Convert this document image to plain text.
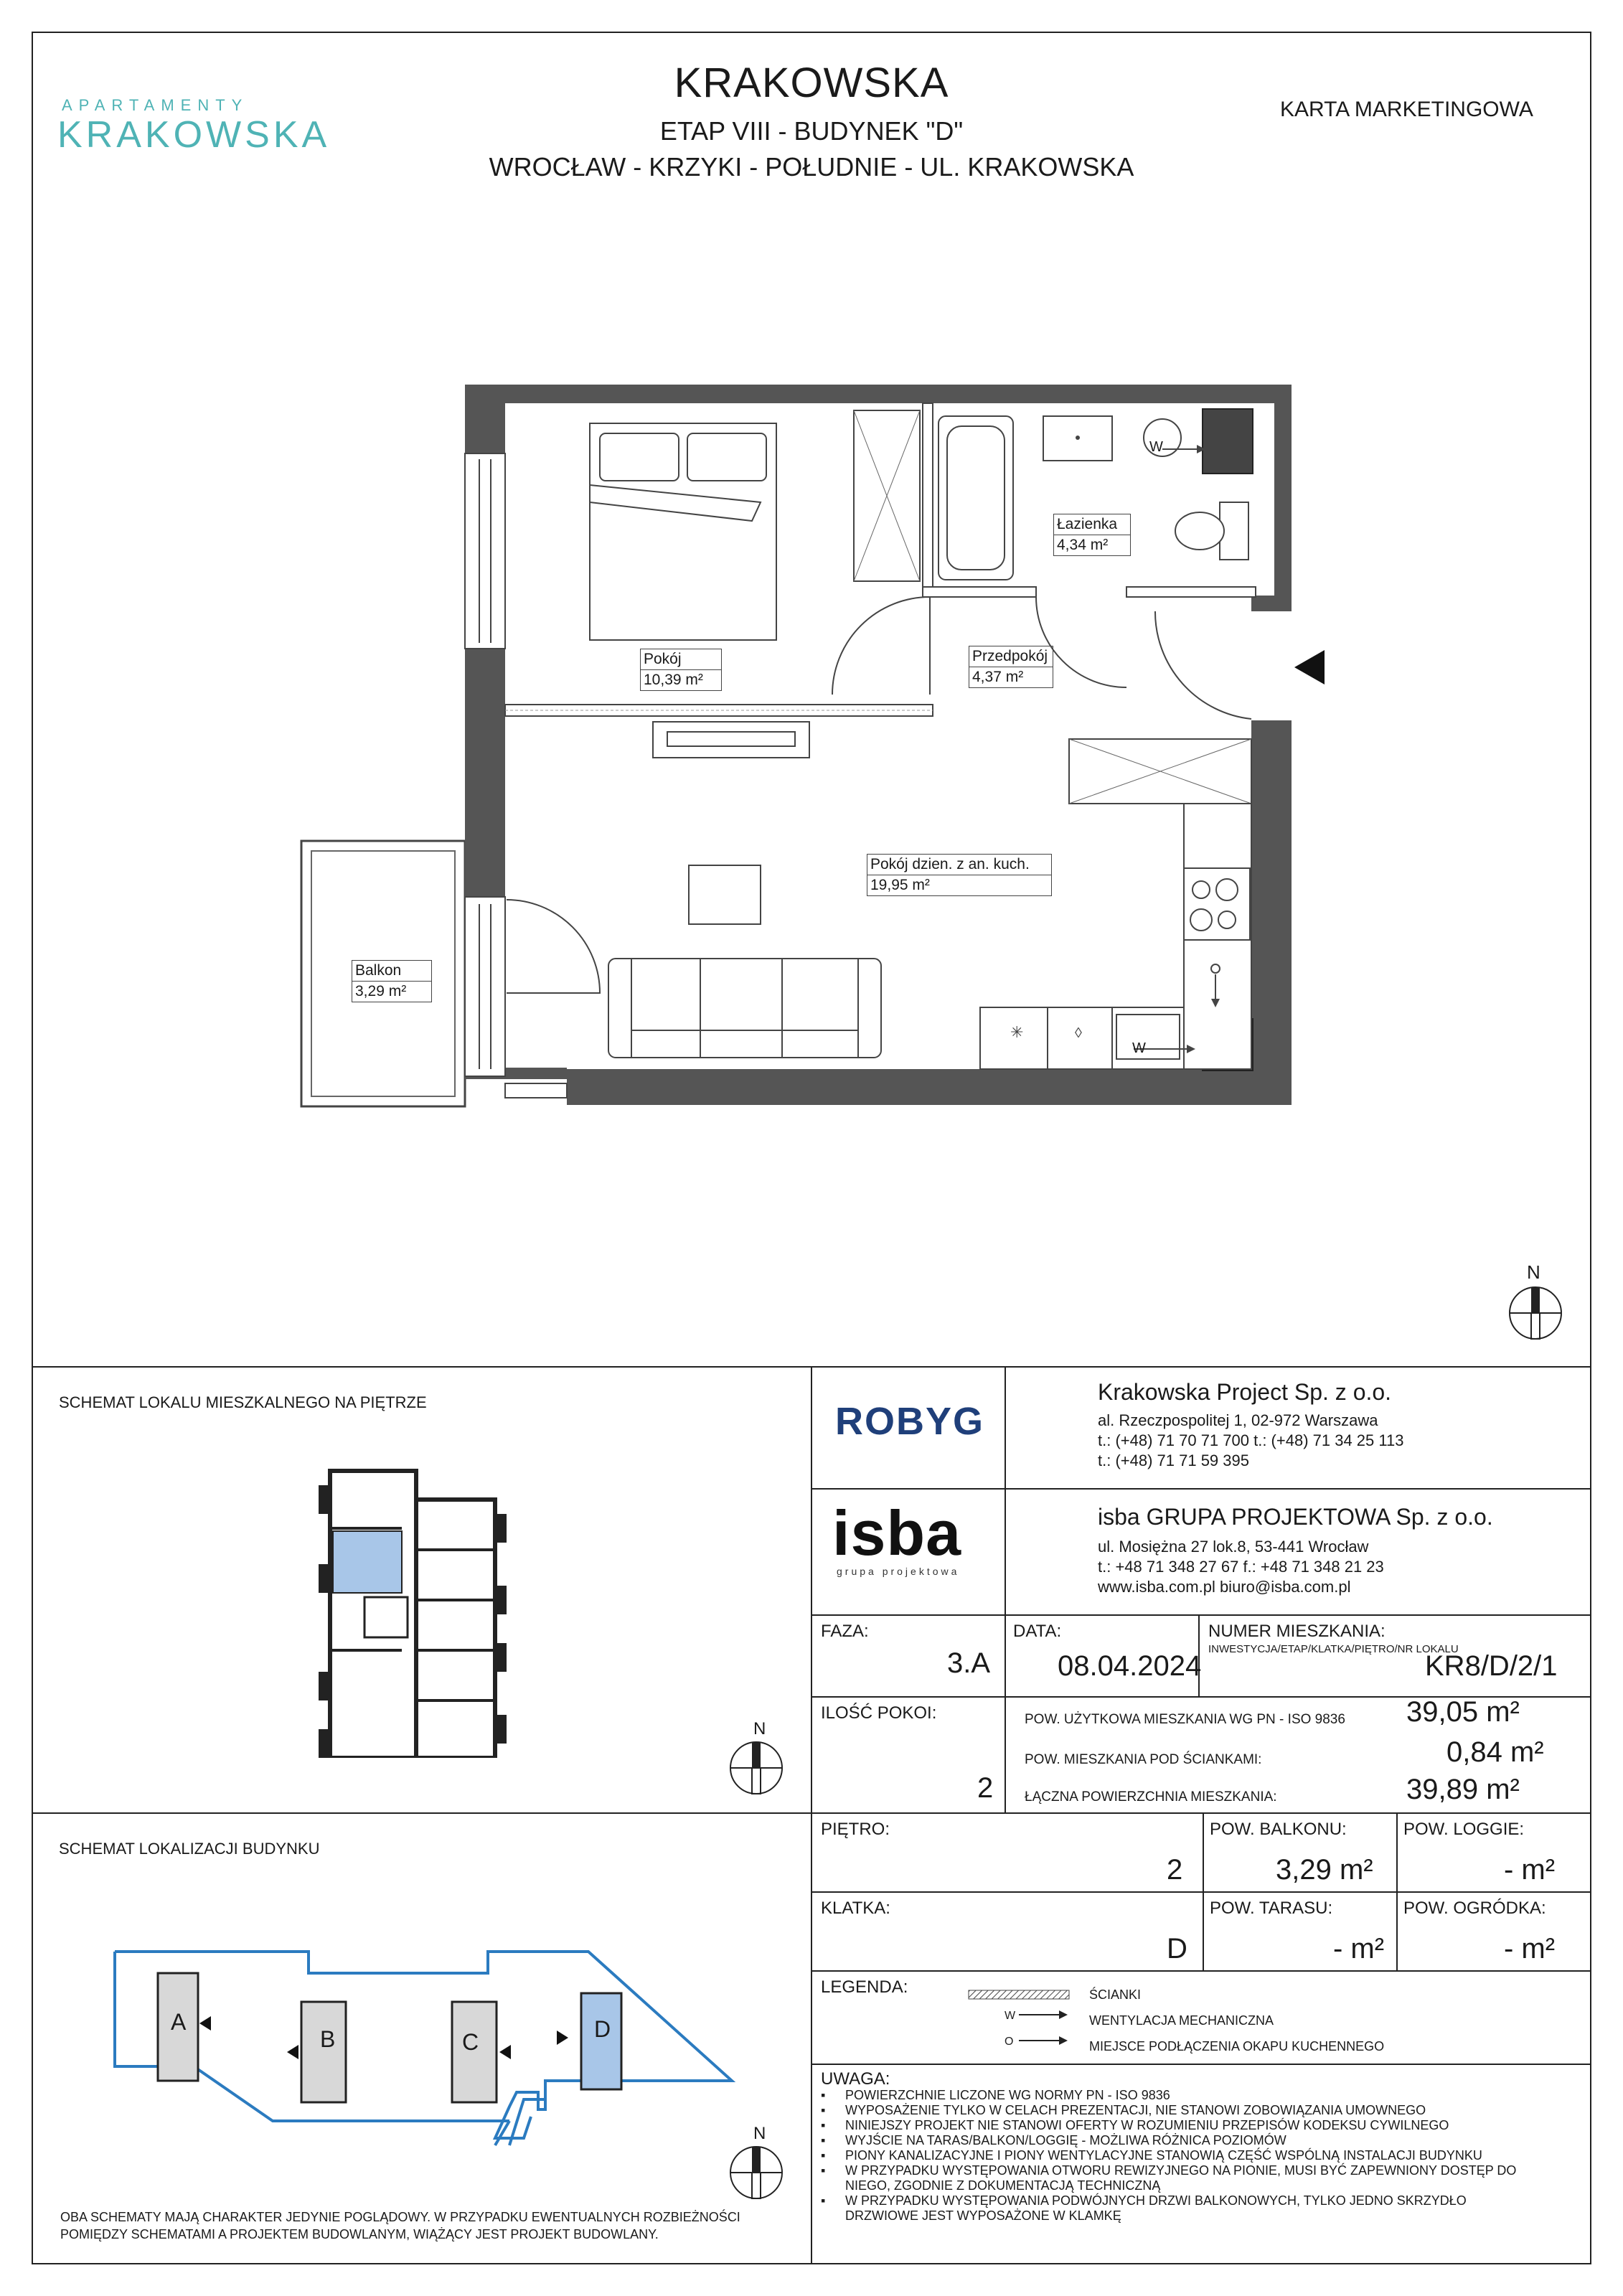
APARTAMENTY
KRAKOWSKA
KRAKOWSKA
ETAP VIII - BUDYNEK "D"
WROCŁAW - KRZYKI - POŁUDNIE - UL. KRAKOWSKA
KARTA MARKETINGOWA
✳	◊
Łazienka
4,34 m²
Pokój
10,39 m²
Przedpokój
4,37 m²
Pokój dzien. z an. kuch.
19,95 m²
Balkon
3,29 m²
W
W
N
SCHEMAT LOKALU MIESZKALNEGO NA PIĘTRZE
N
SCHEMAT LOKALIZACJI BUDYNKU
A
B	C	D
N
OBA SCHEMATY MAJĄ CHARAKTER JEDYNIE POGLĄDOWY. W PRZYPADKU EWENTUALNYCH ROZBIEŻNOŚCI
POMIĘDZY SCHEMATAMI A PROJEKTEM BUDOWLANYM, WIĄŻĄCY JEST PROJEKT BUDOWLANY.
ROBYG
Krakowska Project Sp. z o.o.
al. Rzeczpospolitej 1, 02-972 Warszawa
t.: (+48) 71 70 71 700 t.: (+48) 71 34 25 113
t.: (+48) 71 71 59 395
isba
grupa projektowa
isba GRUPA PROJEKTOWA Sp. z o.o.
ul. Mosiężna 27 lok.8, 53-441 Wrocław
t.: +48 71 348 27 67 f.: +48 71 348 21 23
www.isba.com.pl biuro@isba.com.pl
FAZA:
3.A
DATA:
08.04.2024
NUMER MIESZKANIA:
INWESTYCJA/ETAP/KLATKA/PIĘTRO/NR LOKALU
KR8/D/2/1
ILOŚĆ POKOI:
2
POW. UŻYTKOWA MIESZKANIA WG PN - ISO 9836 39,05 m²
POW. MIESZKANIA POD ŚCIANKAMI:	0,84 m²
ŁĄCZNA POWIERZCHNIA MIESZKANIA:	39,89 m²
PIĘTRO:
2
POW. BALKONU:
3,29 m²
POW. LOGGIE:
- m²
KLATKA:
D
POW. TARASU:
- m²
POW. OGRÓDKA:
- m²
LEGENDA:
W
O
ŚCIANKI
WENTYLACJA MECHANICZNA
MIEJSCE PODŁĄCZENIA OKAPU KUCHENNEGO
UWAGA:
▪	POWIERZCHNIE LICZONE WG NORMY PN - ISO 9836
▪	WYPOSAŻENIE TYLKO W CELACH PREZENTACJI, NIE STANOWI ZOBOWIĄZANIA UMOWNEGO
▪	NINIEJSZY PROJEKT NIE STANOWI OFERTY W ROZUMIENIU PRZEPISÓW KODEKSU CYWILNEGO
▪	WYJŚCIE NA TARAS/BALKON/LOGGIĘ - MOŻLIWA RÓŻNICA POZIOMÓW
▪	PIONY KANALIZACYJNE I PIONY WENTYLACYJNE STANOWIĄ CZĘŚĆ WSPÓLNĄ INSTALACJI BUDYNKU
▪	W PRZYPADKU WYSTĘPOWANIA OTWORU REWIZYJNEGO NA PIONIE, MUSI BYĆ ZAPEWNIONY DOSTĘP DO
NIEGO, ZGODNIE Z DOKUMENTACJĄ TECHNICZNĄ
▪	W PRZYPADKU WYSTĘPOWANIA PODWÓJNYCH DRZWI BALKONOWYCH, TYLKO JEDNO SKRZYDŁO
DRZWIOWE JEST WYPOSAŻONE W KLAMKĘ
